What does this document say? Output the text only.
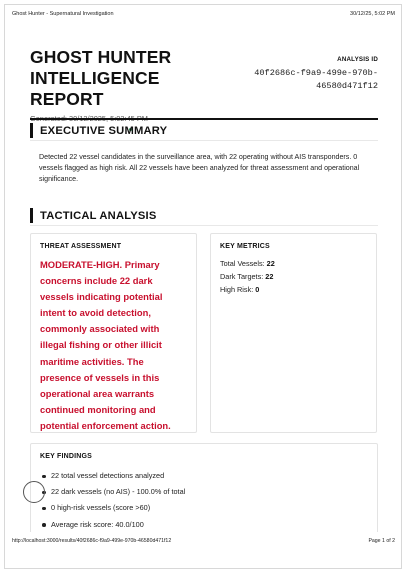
Ghost Hunter - Supernatural Investigation	30/12/25, 5:02 PM
GHOST HUNTER INTELLIGENCE REPORT
ANALYSIS ID
40f2686c-f9a9-499e-970b-46580d471f12
EXECUTIVE SUMMARY
Detected 22 vessel candidates in the surveillance area, with 22 operating without AIS transponders. 0 vessels flagged as high risk. All 22 vessels have been analyzed for threat assessment and operational significance.
TACTICAL ANALYSIS
THREAT ASSESSMENT
MODERATE-HIGH. Primary concerns include 22 dark vessels indicating potential intent to avoid detection, commonly associated with illegal fishing or other illicit maritime activities. The presence of vessels in this operational area warrants continued monitoring and potential enforcement action.
KEY METRICS
Total Vessels: 22
Dark Targets: 22
High Risk: 0
KEY FINDINGS
22 total vessel detections analyzed
22 dark vessels (no AIS) - 100.0% of total
0 high-risk vessels (score >60)
Average risk score: 40.0/100
http://localhost:3000/results/40f2686c-f9a9-499e-970b-46580d471f12	Page 1 of 2
